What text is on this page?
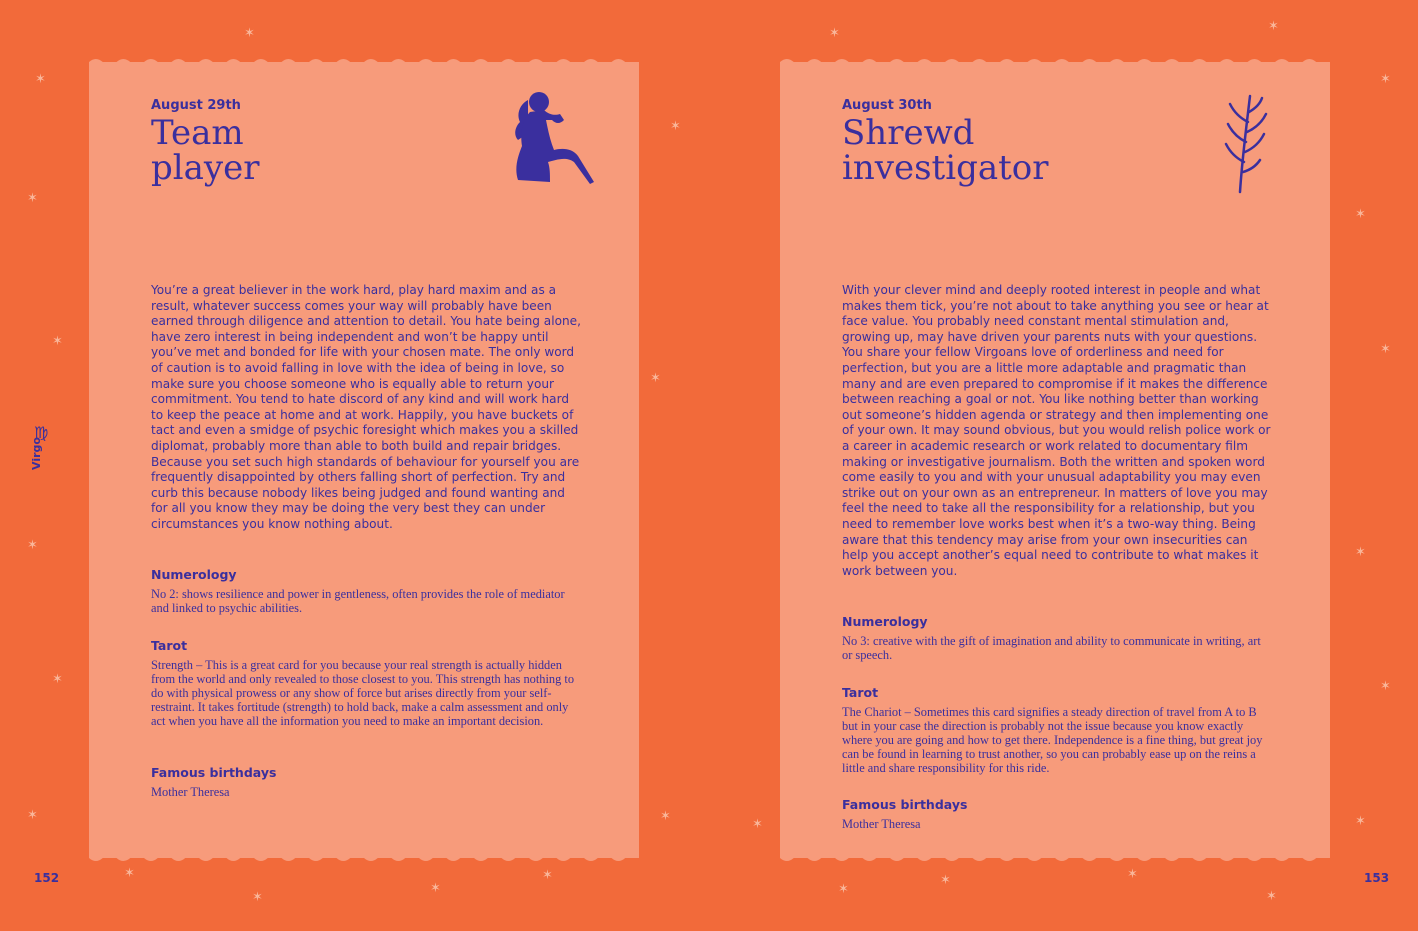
✶
✶
✶
✶
✶
✶
✶
✶
✶
✶
✶
✶
✶
✶
✶
✶
✶
✶	✶
✶
✶
✶
✶
✶
✶
✶
✶
♍
Virgo
152	153

August 29th

Team
player

You’re a great believer in the work hard, play hard maxim and as a result, whatever success comes your way will probably have been earned through diligence and attention to detail. You hate being alone, have zero interest in being independent and won’t be happy until you’ve met and bonded for life with your chosen mate. The only word of caution is to avoid falling in love with the idea of being in love, so make sure you choose someone who is equally able to return your commitment. You tend to hate discord of any kind and will work hard to keep the peace at home and at work. Happily, you have buckets of tact and even a smidge of psychic foresight which makes you a skilled diplomat, probably more than able to both build and repair bridges. Because you set such high standards of behaviour for yourself you are frequently disappointed by others falling short of perfection. Try and curb this because nobody likes being judged and found wanting and for all you know they may be doing the very best they can under circumstances you know nothing about.

Numerology

No 2: shows resilience and power in gentleness, often provides the role of mediator and linked to psychic abilities.

Tarot

Strength – This is a great card for you because your real strength is actually hidden from the world and only revealed to those closest to you. This strength has nothing to do with physical prowess or any show of force but arises directly from your self-restraint. It takes fortitude (strength) to hold back, make a calm assessment and only act when you have all the information you need to make an important decision.

Famous birthdays

Mother Theresa

August 30th

Shrewd
investigator

With your clever mind and deeply rooted interest in people and what makes them tick, you’re not about to take anything you see or hear at face value. You probably need constant mental stimulation and, growing up, may have driven your parents nuts with your questions. You share your fellow Virgoans love of orderliness and need for perfection, but you are a little more adaptable and pragmatic than many and are even prepared to compromise if it makes the difference between reaching a goal or not. You like nothing better than working out someone’s hidden agenda or strategy and then implementing one of your own. It may sound obvious, but you would relish police work or a career in academic research or work related to documentary film making or investigative journalism. Both the written and spoken word come easily to you and with your unusual adaptability you may even strike out on your own as an entrepreneur. In matters of love you may feel the need to take all the responsibility for a relationship, but you need to remember love works best when it’s a two-way thing. Being aware that this tendency may arise from your own insecurities can help you accept another’s equal need to contribute to what makes it work between you.

Numerology

No 3: creative with the gift of imagination and ability to communicate in writing, art or speech.

Tarot

The Chariot – Sometimes this card signifies a steady direction of travel from A to B but in your case the direction is probably not the issue because you know exactly where you are going and how to get there. Independence is a fine thing, but great joy can be found in learning to trust another, so you can probably ease up on the reins a little and share responsibility for this ride.

Famous birthdays

Mother Theresa
